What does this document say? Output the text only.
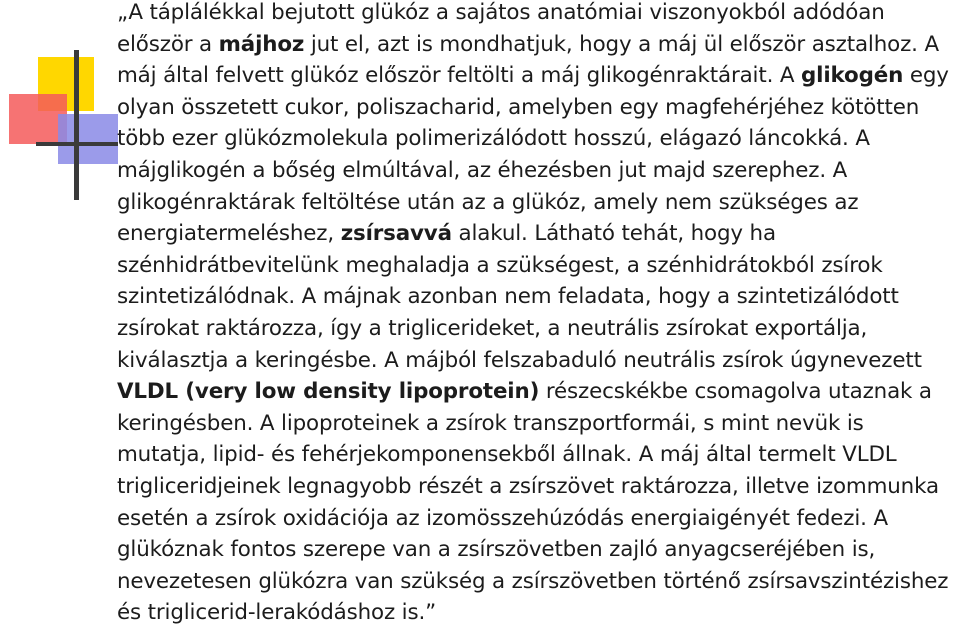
„A táplálékkal bejutott glükóz a sajátos anatómiai viszonyokból adódóan először a májhoz jut el, azt is mondhatjuk, hogy a máj ül először asztalhoz. A máj által felvett glükóz először feltölti a máj glikogénraktárait. A glikogén egy olyan összetett cukor, poliszacharid, amelyben egy magfehérjéhez kötötten több ezer glükózmolekula polimerizálódott hosszú, elágazó láncokká. A májglikogén a bőség elmúltával, az éhezésben jut majd szerephez. A glikogénraktárak feltöltése után az a glükóz, amely nem szükséges az energiatermeléshez, zsírsavvá alakul. Látható tehát, hogy ha szénhidrátbevitelünk meghaladja a szükségest, a szénhidrátokból zsírok szintetizálódnak. A májnak azonban nem feladata, hogy a szintetizálódott zsírokat raktározza, így a triglicerideket, a neutrális zsírokat exportálja, kiválasztja a keringésbe. A májból felszabaduló neutrális zsírok úgynevezett VLDL (very low density lipoprotein) részecskékbe csomagolva utaznak a keringésben. A lipoproteinek a zsírok transzportformái, s mint nevük is mutatja, lipid- és fehérjekomponensekből állnak. A máj által termelt VLDL trigliceridjeinek legnagyobb részét a zsírszövet raktározza, illetve izommunka esetén a zsírok oxidációja az izomösszehúzódás energiaigényét fedezi. A glükóznak fontos szerepe van a zsírszövetben zajló anyagcseréjében is, nevezetesen glükózra van szükség a zsírszövetben történő zsírsavszintézishez és triglicerid-lerakódáshoz is.”
